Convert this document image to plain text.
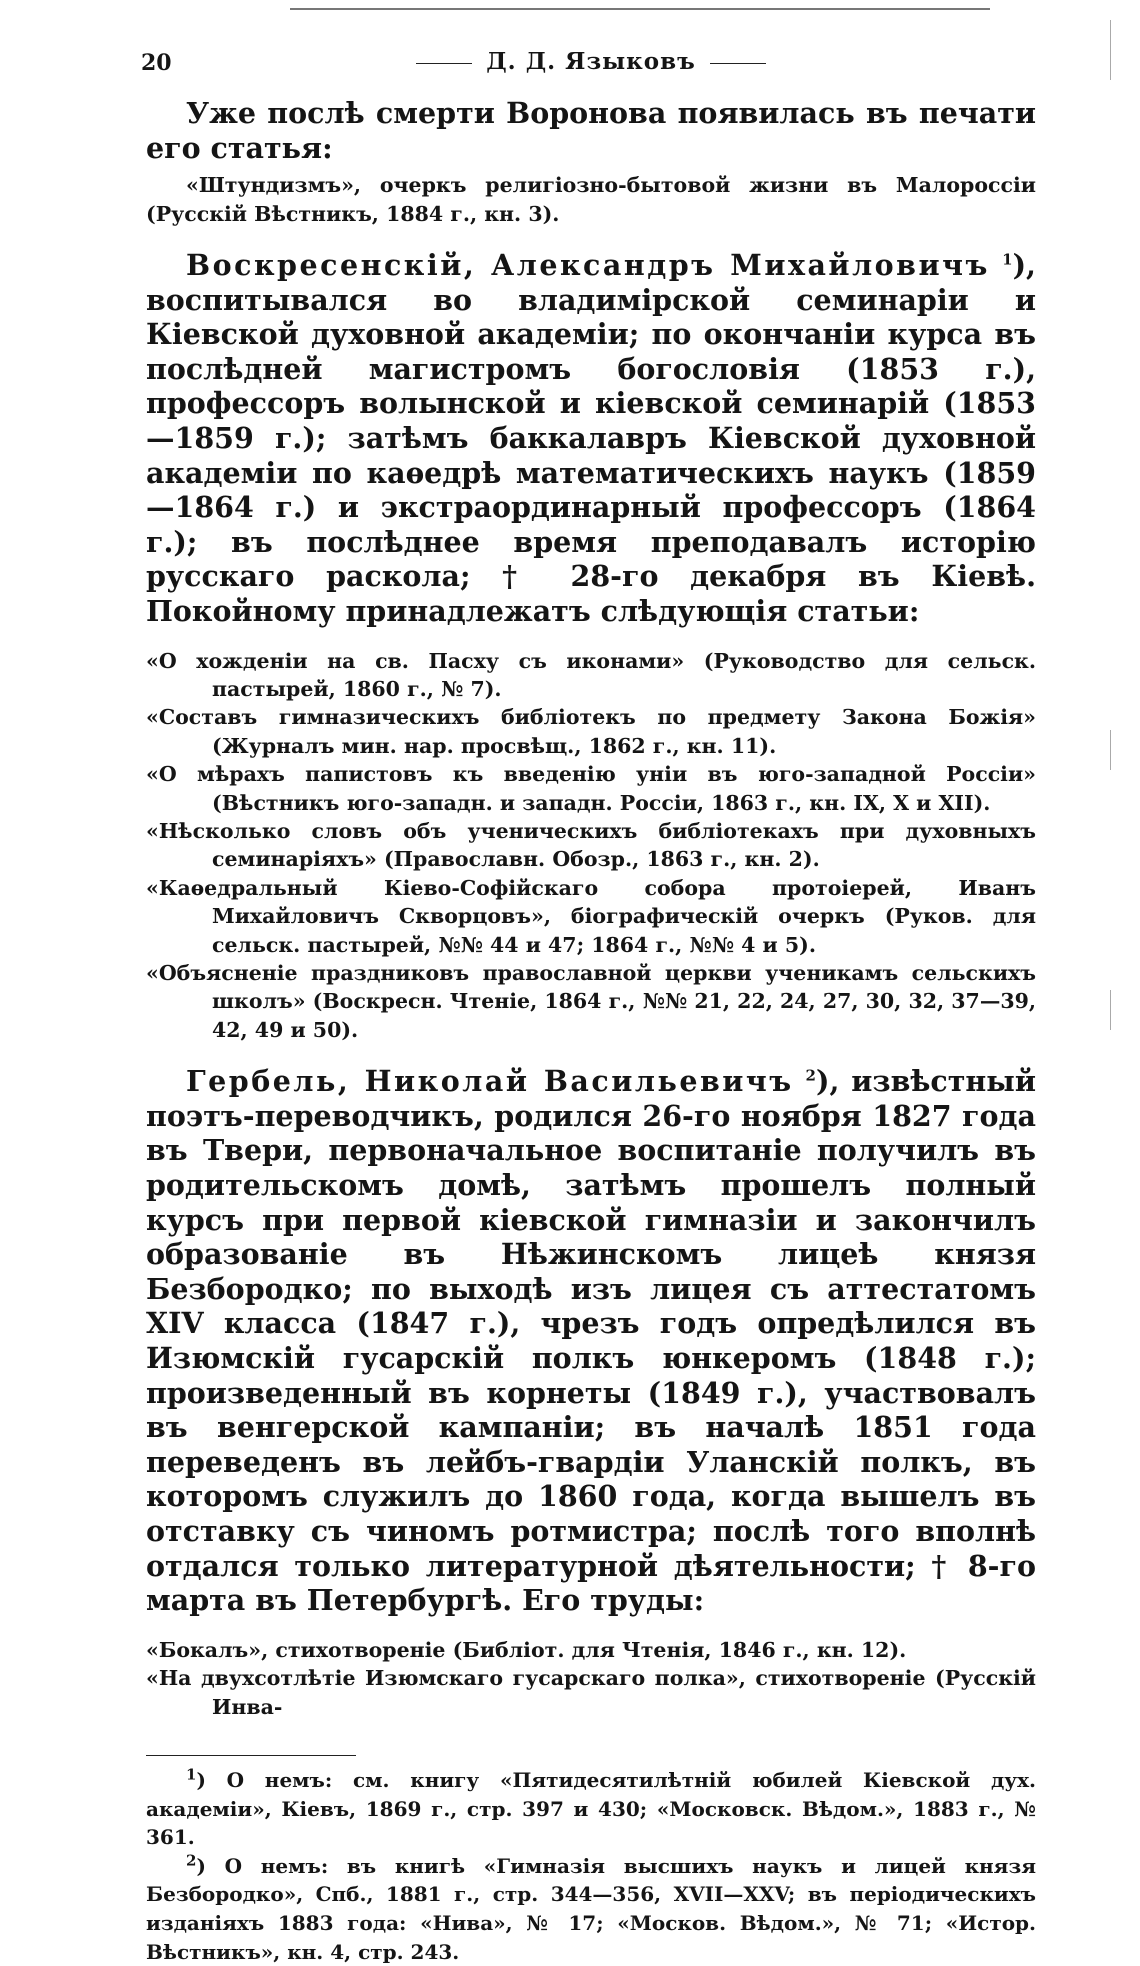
20	Д. Д. Языковъ

Уже послѣ смерти Воронова появилась въ печати его статья:

«Штундизмъ», очеркъ религіозно-бытовой жизни въ Малороссіи (Русскій Вѣстникъ, 1884 г., кн. 3).

Воскресенскій, Александръ Михайловичъ $^1$), воспитывался во владимірской семинаріи и Кіевской духовной академіи; по окончаніи курса въ послѣдней магистромъ богословія (1853 г.), профессоръ волынской и кіевской семинарій (1853—1859 г.); затѣмъ баккалавръ Кіевской духовной академіи по каѳедрѣ математическихъ наукъ (1859—1864 г.) и экстраординарный профессоръ (1864 г.); въ послѣднее время преподавалъ исторію русскаго раскола; † 28-го декабря въ Кіевѣ. Покойному принадлежатъ слѣдующія статьи:

«О хожденіи на св. Пасху съ иконами» (Руководство для сельск. пастырей, 1860 г., № 7).

«Составъ гимназическихъ библіотекъ по предмету Закона Божія» (Журналъ мин. нар. просвѣщ., 1862 г., кн. 11).

«О мѣрахъ папистовъ къ введенію уніи въ юго-западной Россіи» (Вѣстникъ юго-западн. и западн. Россіи, 1863 г., кн. IX, X и XII).

«Нѣсколько словъ объ ученическихъ библіотекахъ при духовныхъ семинаріяхъ» (Православн. Обозр., 1863 г., кн. 2).

«Каѳедральный Кіево-Софійскаго собора протоіерей, Иванъ Михайловичъ Скворцовъ», біографическій очеркъ (Руков. для сельск. пастырей, №№ 44 и 47; 1864 г., №№ 4 и 5).

«Объясненіе праздниковъ православной церкви ученикамъ сельскихъ школъ» (Воскресн. Чтеніе, 1864 г., №№ 21, 22, 24, 27, 30, 32, 37—39, 42, 49 и 50).

Гербель, Николай Васильевичъ $^2$), извѣстный поэтъ-переводчикъ, родился 26-го ноября 1827 года въ Твери, первоначальное воспитаніе получилъ въ родительскомъ домѣ, затѣмъ прошелъ полный курсъ при первой кіевской гимназіи и закончилъ образованіе въ Нѣжинскомъ лицеѣ князя Безбородко; по выходѣ изъ лицея съ аттестатомъ XIV класса (1847 г.), чрезъ годъ опредѣлился въ Изюмскій гусарскій полкъ юнкеромъ (1848 г.); произведенный въ корнеты (1849 г.), участвовалъ въ венгерской кампаніи; въ началѣ 1851 года переведенъ въ лейбъ-гвардіи Уланскій полкъ, въ которомъ служилъ до 1860 года, когда вышелъ въ отставку съ чиномъ ротмистра; послѣ того вполнѣ отдался только литературной дѣятельности; † 8-го марта въ Петербургѣ. Его труды:

«Бокалъ», стихотвореніе (Библіот. для Чтенія, 1846 г., кн. 12).

«На двухсотлѣтіе Изюмскаго гусарскаго полка», стихотвореніе (Русскій Инва-

$^1$) О немъ: см. книгу «Пятидесятилѣтній юбилей Кіевской дух. академіи», Кіевъ, 1869 г., стр. 397 и 430; «Московск. Вѣдом.», 1883 г., № 361.

$^2$) О немъ: въ книгѣ «Гимназія высшихъ наукъ и лицей князя Безбородко», Спб., 1881 г., стр. 344—356, XVII—XXV; въ періодическихъ изданіяхъ 1883 года: «Нива», № 17; «Москов. Вѣдом.», № 71; «Истор. Вѣстникъ», кн. 4, стр. 243.
